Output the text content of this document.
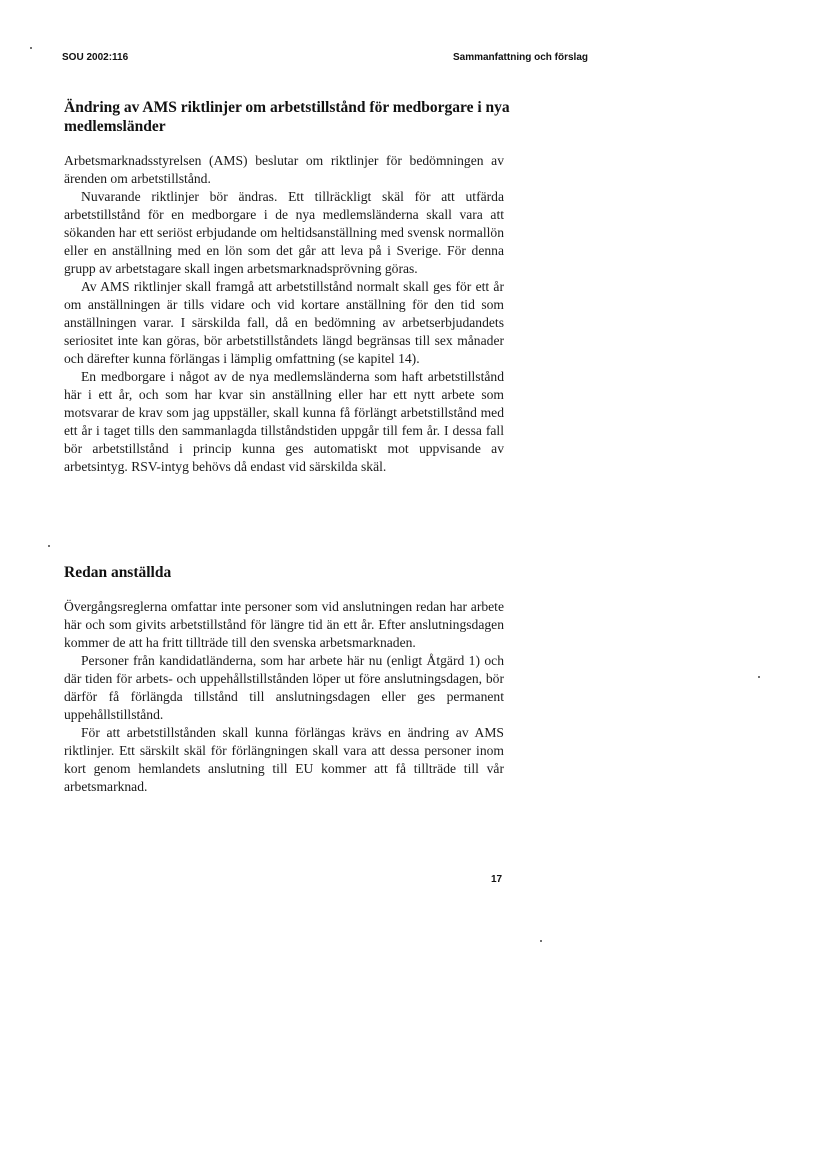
SOU 2002:116	Sammanfattning och förslag
Ändring av AMS riktlinjer om arbetstillstånd för medborgare i nya medlemsländer

Arbetsmarknadsstyrelsen (AMS) beslutar om riktlinjer för bedömningen av ärenden om arbetstillstånd.

Nuvarande riktlinjer bör ändras. Ett tillräckligt skäl för att utfärda arbetstillstånd för en medborgare i de nya medlemsländerna skall vara att sökanden har ett seriöst erbjudande om heltidsanställning med svensk normallön eller en anställning med en lön som det går att leva på i Sverige. För denna grupp av arbetstagare skall ingen arbetsmarknadsprövning göras.

Av AMS riktlinjer skall framgå att arbetstillstånd normalt skall ges för ett år om anställningen är tills vidare och vid kortare anställning för den tid som anställningen varar. I särskilda fall, då en bedömning av arbetserbjudandets seriositet inte kan göras, bör arbetstillståndets längd begränsas till sex månader och därefter kunna förlängas i lämplig omfattning (se kapitel 14).

En medborgare i något av de nya medlemsländerna som haft arbetstillstånd här i ett år, och som har kvar sin anställning eller har ett nytt arbete som motsvarar de krav som jag uppställer, skall kunna få förlängt arbetstillstånd med ett år i taget tills den sammanlagda tillståndstiden uppgår till fem år. I dessa fall bör arbetstillstånd i princip kunna ges automatiskt mot uppvisande av arbetsintyg. RSV-intyg behövs då endast vid särskilda skäl.

Redan anställda

Övergångsreglerna omfattar inte personer som vid anslutningen redan har arbete här och som givits arbetstillstånd för längre tid än ett år. Efter anslutningsdagen kommer de att ha fritt tillträde till den svenska arbetsmarknaden.

Personer från kandidatländerna, som har arbete här nu (enligt Åtgärd 1) och där tiden för arbets- och uppehållstillstånden löper ut före anslutningsdagen, bör därför få förlängda tillstånd till anslutningsdagen eller ges permanent uppehållstillstånd.

För att arbetstillstånden skall kunna förlängas krävs en ändring av AMS riktlinjer. Ett särskilt skäl för förlängningen skall vara att dessa personer inom kort genom hemlandets anslutning till EU kommer att få tillträde till vår arbetsmarknad.

17
